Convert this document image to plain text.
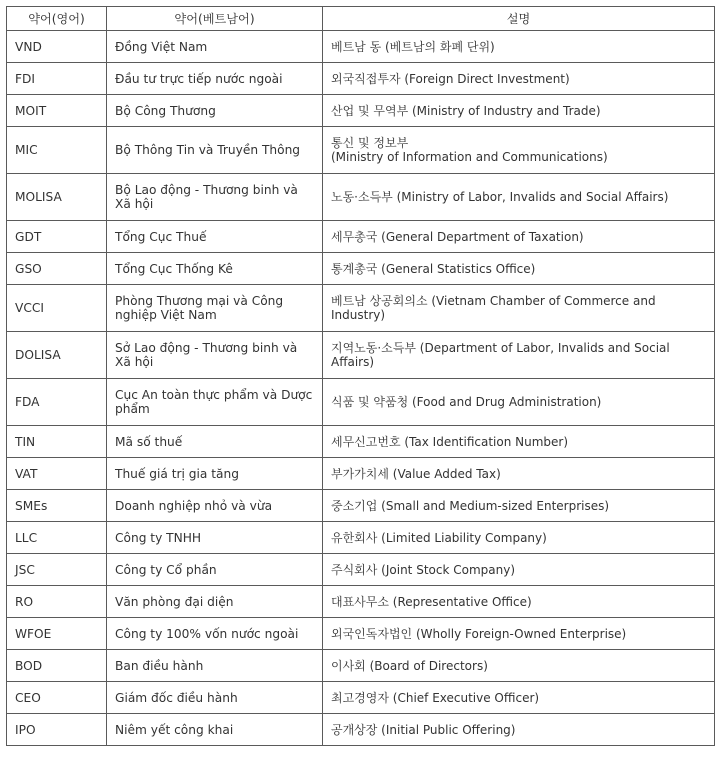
약어(영어)	약어(베트남어)	설명
VND	Đồng Việt Nam	베트남 동 (베트남의 화폐 단위)
FDI	Đầu tư trực tiếp nước ngoài	외국직접투자 (Foreign Direct Investment)
MOIT	Bộ Công Thương	산업 및 무역부 (Ministry of Industry and Trade)
MIC	Bộ Thông Tin và Truyền Thông	통신 및 정보부
(Ministry of Information and Communications)
MOLISA	Bộ Lao động - Thương binh và Xã hội	노동·소득부 (Ministry of Labor, Invalids and Social Affairs)
GDT	Tổng Cục Thuế	세무총국 (General Department of Taxation)
GSO	Tổng Cục Thống Kê	통계총국 (General Statistics Office)
VCCI	Phòng Thương mại và Công nghiệp Việt Nam	베트남 상공회의소 (Vietnam Chamber of Commerce and Industry)
DOLISA	Sở Lao động - Thương binh và Xã hội	지역노동·소득부 (Department of Labor, Invalids and Social Affairs)
FDA	Cục An toàn thực phẩm và Dược phẩm	식품 및 약품청 (Food and Drug Administration)
TIN	Mã số thuế	세무신고번호 (Tax Identification Number)
VAT	Thuế giá trị gia tăng	부가가치세 (Value Added Tax)
SMEs	Doanh nghiệp nhỏ và vừa	중소기업 (Small and Medium-sized Enterprises)
LLC	Công ty TNHH	유한회사 (Limited Liability Company)
JSC	Công ty Cổ phần	주식회사 (Joint Stock Company)
RO	Văn phòng đại diện	대표사무소 (Representative Office)
WFOE	Công ty 100% vốn nước ngoài	외국인독자법인 (Wholly Foreign-Owned Enterprise)
BOD	Ban điều hành	이사회 (Board of Directors)
CEO	Giám đốc điều hành	최고경영자 (Chief Executive Officer)
IPO	Niêm yết công khai	공개상장 (Initial Public Offering)
